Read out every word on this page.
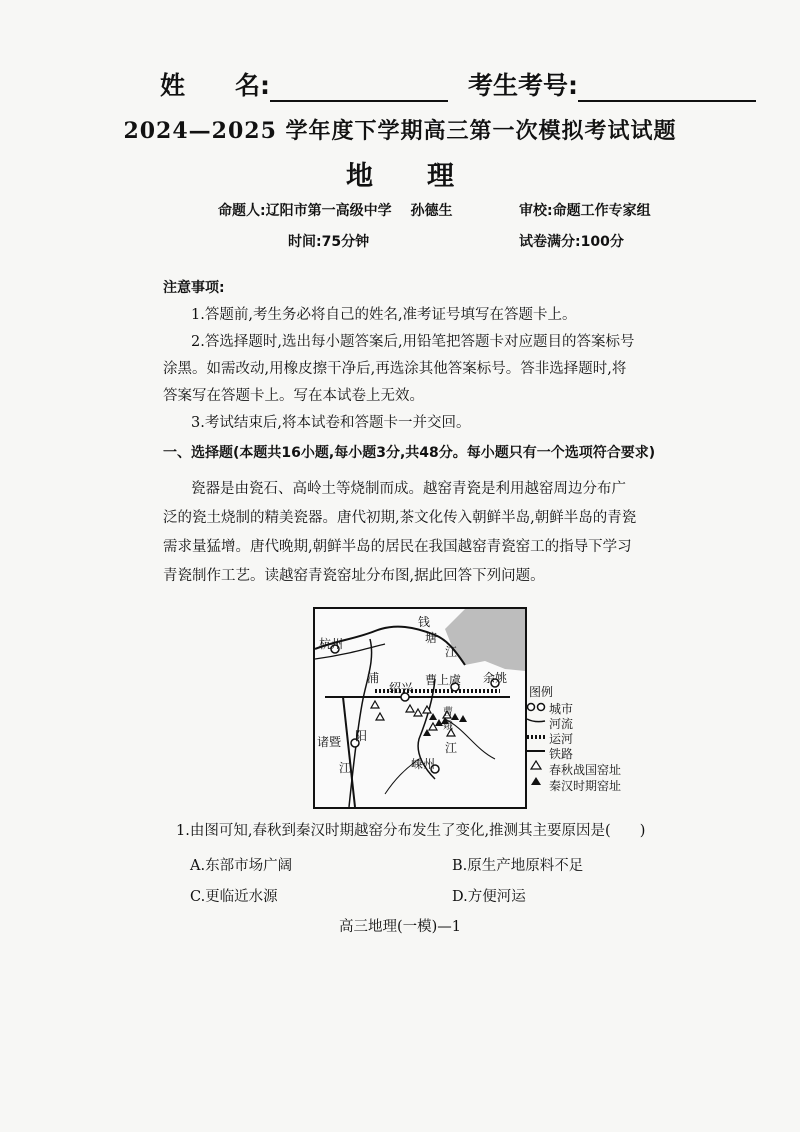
姓　　名:	考生考号:
2024—2025 学年度下学期高三第一次模拟考试试题
地　　理
命题人:辽阳市第一高级中学　 孙德生	审校:命题工作专家组
时间:75分钟	试卷满分:100分
注意事项:
1.答题前,考生务必将自己的姓名,准考证号填写在答题卡上。
2.答选择题时,选出每小题答案后,用铅笔把答题卡对应题目的答案标号涂黑。如需改动,用橡皮擦干净后,再选涂其他答案标号。答非选择题时,将答案写在答题卡上。写在本试卷上无效。
3.考试结束后,将本试卷和答题卡一并交回。
一、选择题(本题共16小题,每小题3分,共48分。每小题只有一个选项符合要求)
瓷器是由瓷石、高岭土等烧制而成。越窑青瓷是利用越窑周边分布广泛的瓷土烧制的精美瓷器。唐代初期,茶文化传入朝鲜半岛,朝鲜半岛的青瓷需求量猛增。唐代晚期,朝鲜半岛的居民在我国越窑青瓷窑工的指导下学习青瓷制作工艺。读越窑青瓷窑址分布图,据此回答下列问题。
杭州
钱
塘
江
绍兴
曹上虞 余姚
浦
阳
江
诸暨
曹
娥
江
嵊州
图例
城市
河流
运河
铁路
春秋战国窑址
秦汉时期窑址
1.由图可知,春秋到秦汉时期越窑分布发生了变化,推测其主要原因是(　　)
A.东部市场广阔	B.原生产地原料不足
C.更临近水源	D.方便河运
高三地理(一模)—1
